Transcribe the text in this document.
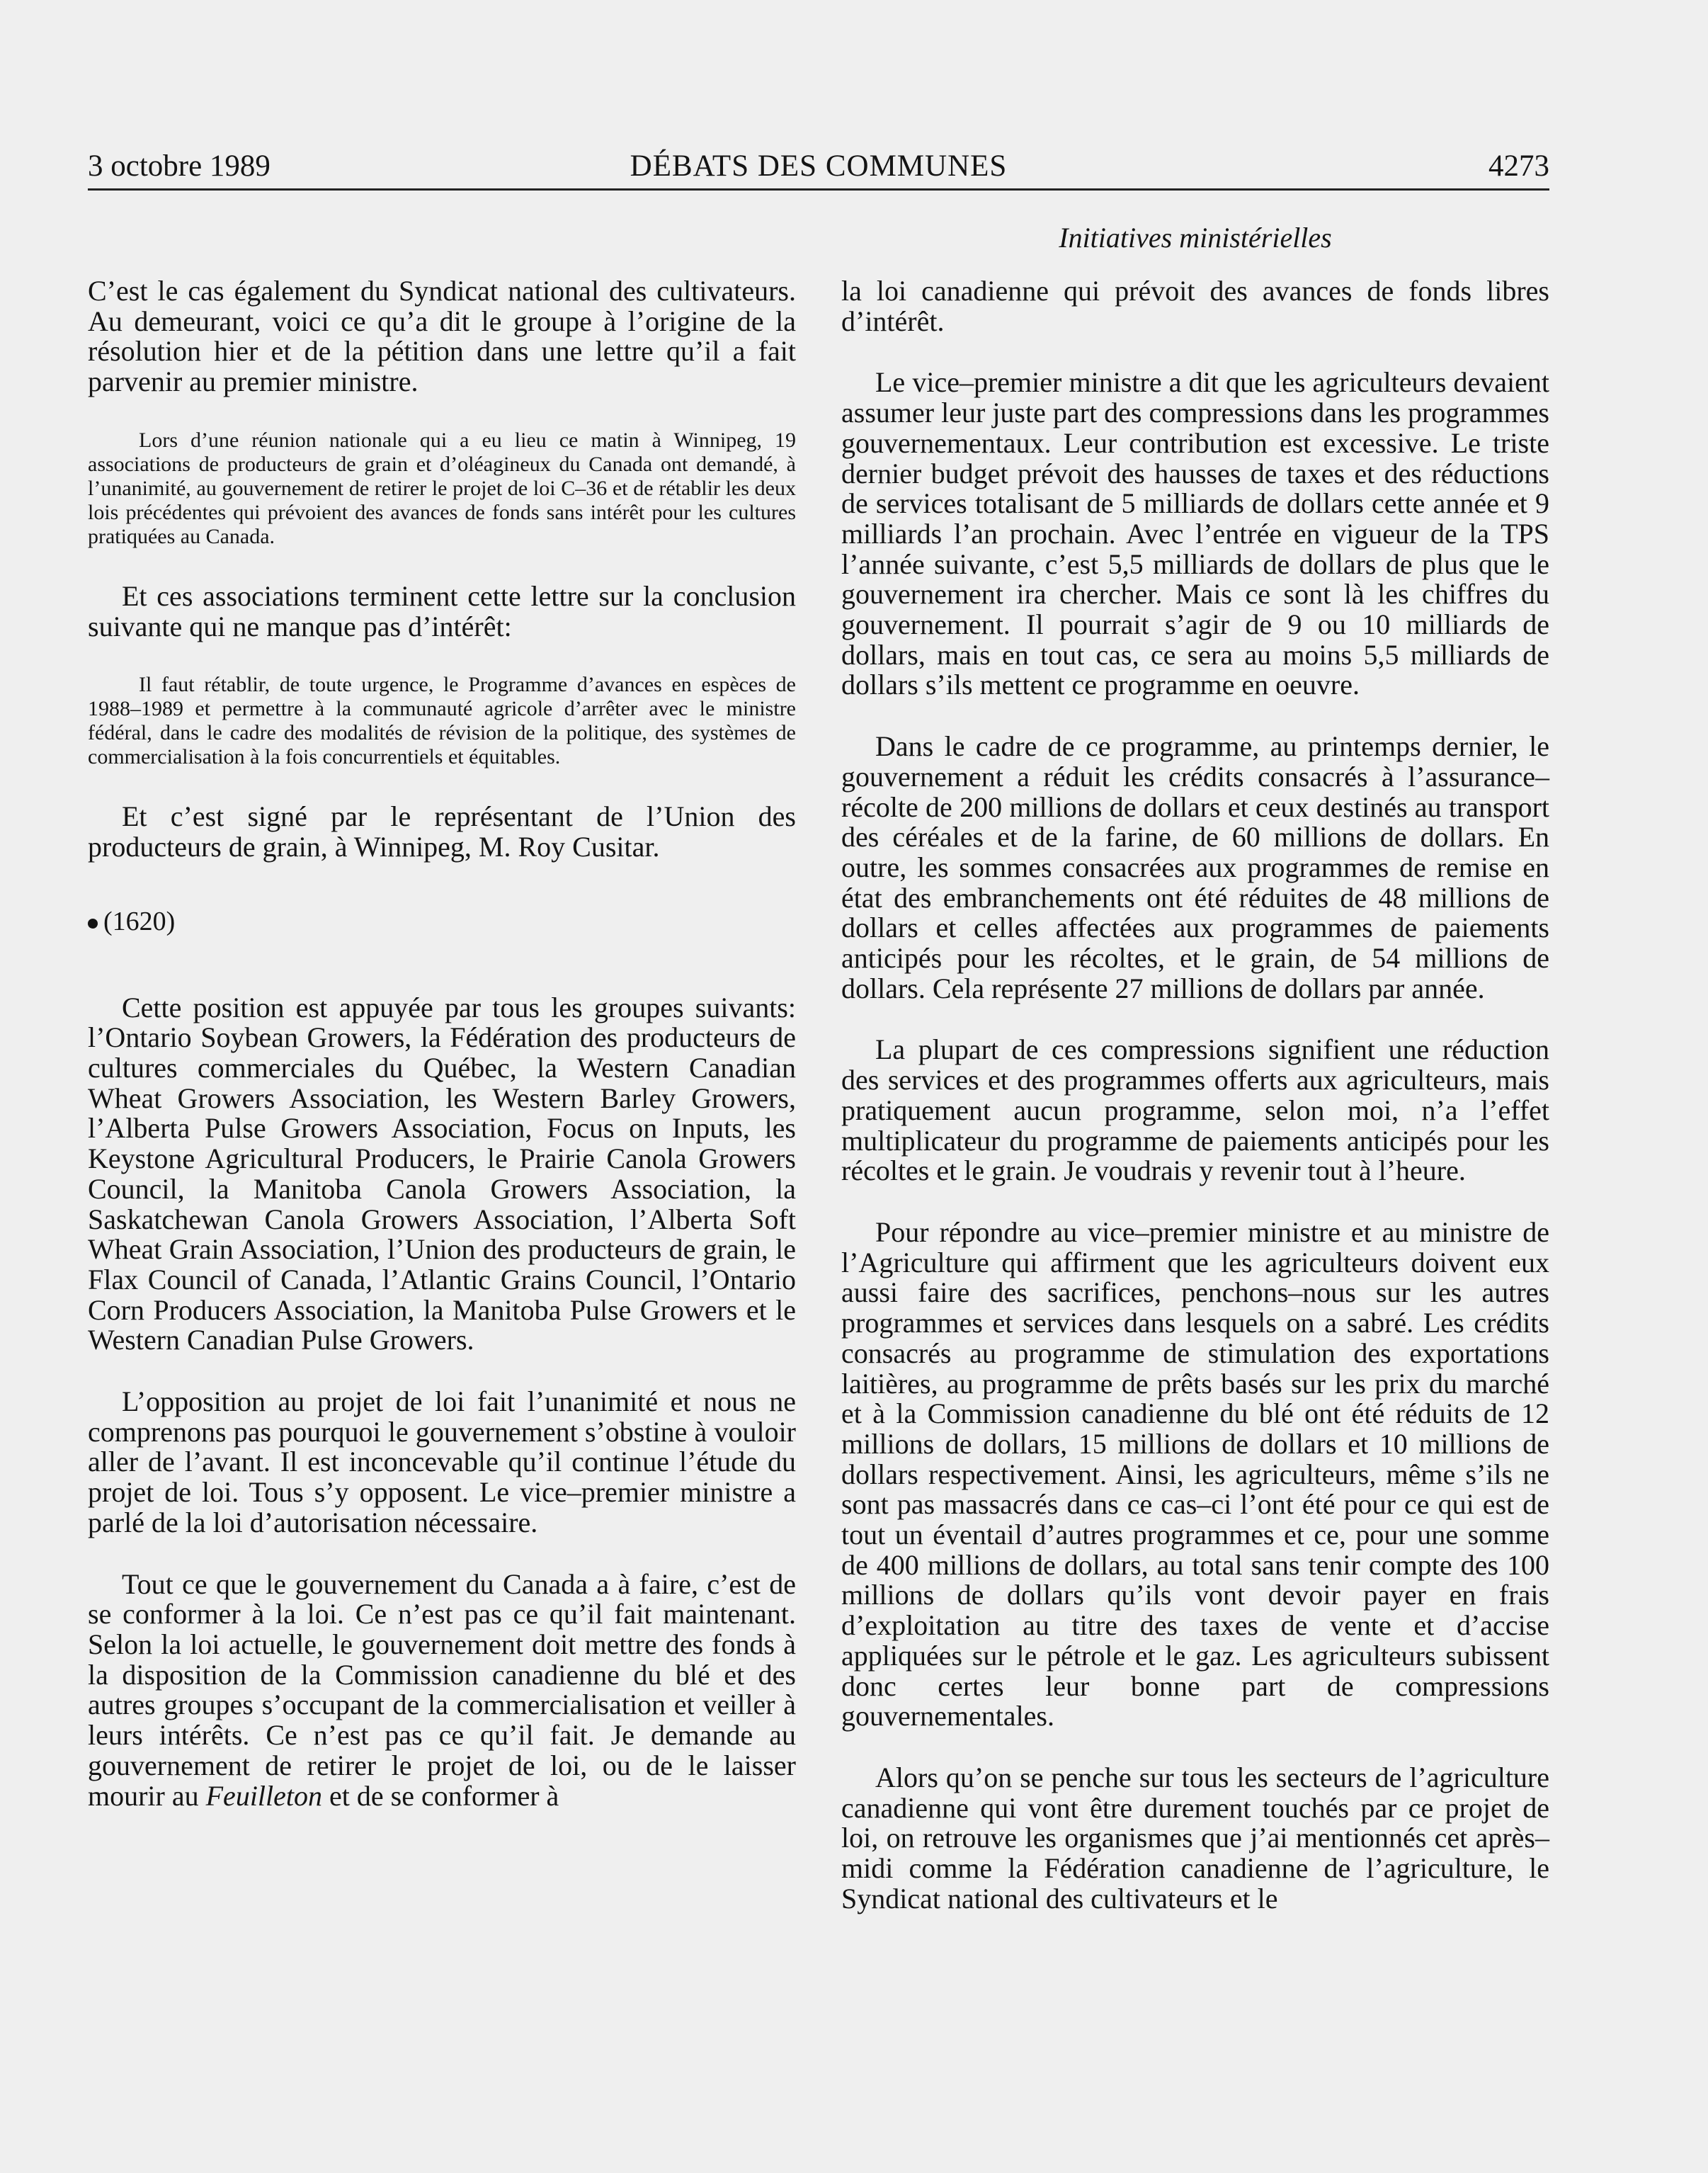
3 octobre 1989	DÉBATS DES COMMUNES	4273
Initiatives ministérielles

C’est le cas également du Syndicat national des cultivateurs. Au demeurant, voici ce qu’a dit le groupe à l’origine de la résolution hier et de la pétition dans une lettre qu’il a fait parvenir au premier ministre.

Lors d’une réunion nationale qui a eu lieu ce matin à Winnipeg, 19 associations de producteurs de grain et d’oléagineux du Canada ont demandé, à l’unanimité, au gouvernement de retirer le projet de loi C–36 et de rétablir les deux lois précédentes qui prévoient des avances de fonds sans intérêt pour les cultures pratiquées au Canada.

Et ces associations terminent cette lettre sur la conclusion suivante qui ne manque pas d’intérêt:

Il faut rétablir, de toute urgence, le Programme d’avances en espèces de 1988–1989 et permettre à la communauté agricole d’arrêter avec le ministre fédéral, dans le cadre des modalités de révision de la politique, des systèmes de commercialisation à la fois concurrentiels et équitables.

Et c’est signé par le représentant de l’Union des producteurs de grain, à Winnipeg, M. Roy Cusitar.

(1620)

Cette position est appuyée par tous les groupes suivants: l’Ontario Soybean Growers, la Fédération des producteurs de cultures commerciales du Québec, la Western Canadian Wheat Growers Association, les Western Barley Growers, l’Alberta Pulse Growers Association, Focus on Inputs, les Keystone Agricultural Producers, le Prairie Canola Growers Council, la Manitoba Canola Growers Association, la Saskatchewan Canola Growers Association, l’Alberta Soft Wheat Grain Association, l’Union des producteurs de grain, le Flax Council of Canada, l’Atlantic Grains Council, l’Ontario Corn Producers Association, la Manitoba Pulse Growers et le Western Canadian Pulse Growers.

L’opposition au projet de loi fait l’unanimité et nous ne comprenons pas pourquoi le gouvernement s’obstine à vouloir aller de l’avant. Il est inconcevable qu’il continue l’étude du projet de loi. Tous s’y opposent. Le vice–premier ministre a parlé de la loi d’autorisation nécessaire.

Tout ce que le gouvernement du Canada a à faire, c’est de se conformer à la loi. Ce n’est pas ce qu’il fait maintenant. Selon la loi actuelle, le gouvernement doit mettre des fonds à la disposition de la Commission canadienne du blé et des autres groupes s’occupant de la commercialisation et veiller à leurs intérêts. Ce n’est pas ce qu’il fait. Je demande au gouvernement de retirer le projet de loi, ou de le laisser mourir au Feuilleton et de se conformer à

la loi canadienne qui prévoit des avances de fonds libres d’intérêt.

Le vice–premier ministre a dit que les agriculteurs devaient assumer leur juste part des compressions dans les programmes gouvernementaux. Leur contribution est excessive. Le triste dernier budget prévoit des hausses de taxes et des réductions de services totalisant de 5 milliards de dollars cette année et 9 milliards l’an prochain. Avec l’entrée en vigueur de la TPS l’année suivante, c’est 5,5 milliards de dollars de plus que le gouvernement ira chercher. Mais ce sont là les chiffres du gouvernement. Il pourrait s’agir de 9 ou 10 milliards de dollars, mais en tout cas, ce sera au moins 5,5 milliards de dollars s’ils mettent ce programme en oeuvre.

Dans le cadre de ce programme, au printemps dernier, le gouvernement a réduit les crédits consacrés à l’assurance–récolte de 200 millions de dollars et ceux destinés au transport des céréales et de la farine, de 60 millions de dollars. En outre, les sommes consacrées aux programmes de remise en état des embranchements ont été réduites de 48 millions de dollars et celles affectées aux programmes de paiements anticipés pour les récoltes, et le grain, de 54 millions de dollars. Cela représente 27 millions de dollars par année.

La plupart de ces compressions signifient une réduction des services et des programmes offerts aux agriculteurs, mais pratiquement aucun programme, selon moi, n’a l’effet multiplicateur du programme de paiements anticipés pour les récoltes et le grain. Je voudrais y revenir tout à l’heure.

Pour répondre au vice–premier ministre et au ministre de l’Agriculture qui affirment que les agriculteurs doivent eux aussi faire des sacrifices, penchons–nous sur les autres programmes et services dans lesquels on a sabré. Les crédits consacrés au programme de stimulation des exportations laitières, au programme de prêts basés sur les prix du marché et à la Commission canadienne du blé ont été réduits de 12 millions de dollars, 15 millions de dollars et 10 millions de dollars respectivement. Ainsi, les agriculteurs, même s’ils ne sont pas massacrés dans ce cas–ci l’ont été pour ce qui est de tout un éventail d’autres programmes et ce, pour une somme de 400 millions de dollars, au total sans tenir compte des 100 millions de dollars qu’ils vont devoir payer en frais d’exploitation au titre des taxes de vente et d’accise appliquées sur le pétrole et le gaz. Les agriculteurs subissent donc certes leur bonne part de compressions gouvernementales.

Alors qu’on se penche sur tous les secteurs de l’agriculture canadienne qui vont être durement touchés par ce projet de loi, on retrouve les organismes que j’ai mentionnés cet après–midi comme la Fédération canadienne de l’agriculture, le Syndicat national des cultivateurs et le
